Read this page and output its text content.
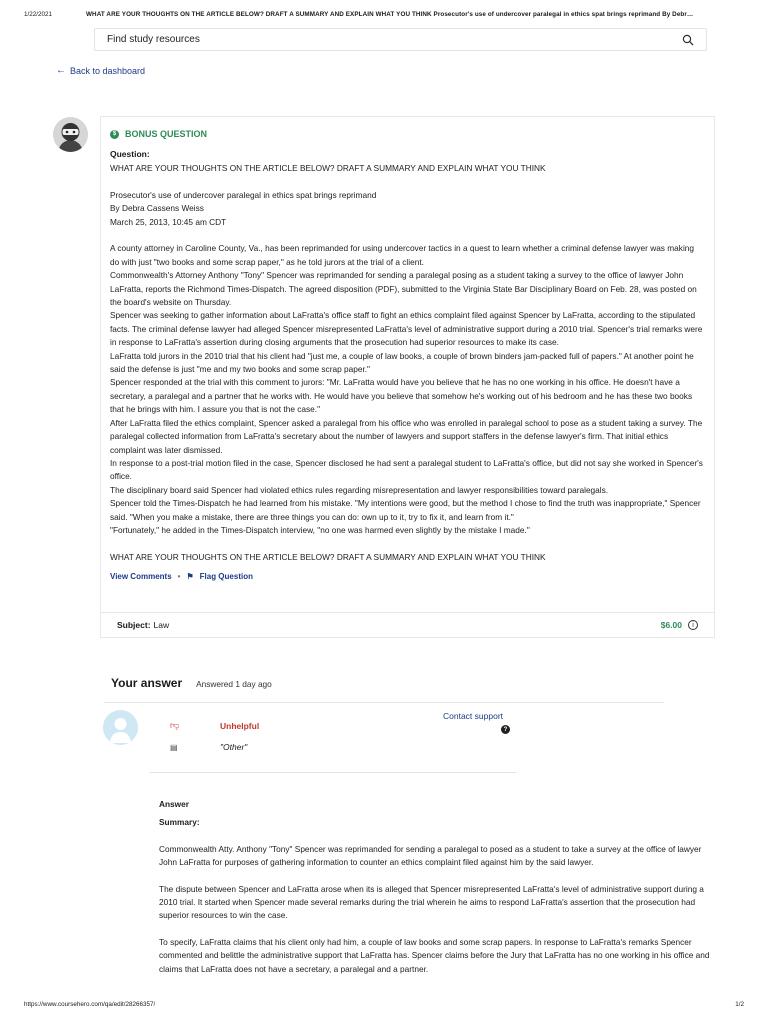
1/22/2021	WHAT ARE YOUR THOUGHTS ON THE ARTICLE BELOW? DRAFT A SUMMARY AND EXPLAIN WHAT YOU THINK Prosecutor's use of undercover paralegal in ethics spat brings reprimand By Debr…
Find study resources
← Back to dashboard
$ BONUS QUESTION
Question:

WHAT ARE YOUR THOUGHTS ON THE ARTICLE BELOW? DRAFT A SUMMARY AND EXPLAIN WHAT YOU THINK

Prosecutor's use of undercover paralegal in ethics spat brings reprimand

By Debra Cassens Weiss

March 25, 2013, 10:45 am CDT

A county attorney in Caroline County, Va., has been reprimanded for using undercover tactics in a quest to learn whether a criminal defense lawyer was making do with just "two books and some scrap paper," as he told jurors at the trial of a client.

Commonwealth's Attorney Anthony "Tony" Spencer was reprimanded for sending a paralegal posing as a student taking a survey to the office of lawyer John LaFratta, reports the Richmond Times-Dispatch. The agreed disposition (PDF), submitted to the Virginia State Bar Disciplinary Board on Feb. 28, was posted on the board's website on Thursday.

Spencer was seeking to gather information about LaFratta's office staff to fight an ethics complaint filed against Spencer by LaFratta, according to the stipulated facts. The criminal defense lawyer had alleged Spencer misrepresented LaFratta's level of administrative support during a 2010 trial. Spencer's trial remarks were in response to LaFratta's assertion during closing arguments that the prosecution had superior resources to make its case.

LaFratta told jurors in the 2010 trial that his client had "just me, a couple of law books, a couple of brown binders jam-packed full of papers." At another point he said the defense is just "me and my two books and some scrap paper."

Spencer responded at the trial with this comment to jurors: "Mr. LaFratta would have you believe that he has no one working in his office. He doesn't have a secretary, a paralegal and a partner that he works with. He would have you believe that somehow he's working out of his bedroom and he has these two books that he brings with him. I assure you that is not the case."

After LaFratta filed the ethics complaint, Spencer asked a paralegal from his office who was enrolled in paralegal school to pose as a student taking a survey. The paralegal collected information from LaFratta's secretary about the number of lawyers and support staffers in the defense lawyer's firm. That initial ethics complaint was later dismissed.

In response to a post-trial motion filed in the case, Spencer disclosed he had sent a paralegal student to LaFratta's office, but did not say she worked in Spencer's office.

The disciplinary board said Spencer had violated ethics rules regarding misrepresentation and lawyer responsibilities toward paralegals.

Spencer told the Times-Dispatch he had learned from his mistake. "My intentions were good, but the method I chose to find the truth was inappropriate," Spencer said. "When you make a mistake, there are three things you can do: own up to it, try to fix it, and learn from it."

"Fortunately," he added in the Times-Dispatch interview, "no one was harmed even slightly by the mistake I made."

WHAT ARE YOUR THOUGHTS ON THE ARTICLE BELOW? DRAFT A SUMMARY AND EXPLAIN WHAT YOU THINK

View Comments • ⚑ Flag Question
Subject: Law	$6.00	i
Your answer Answered 1 day ago
👎︎	Unhelpful
Contact support
?
▤	"Other"
Answer
Summary:

Commonwealth Atty. Anthony "Tony" Spencer was reprimanded for sending a paralegal to posed as a student to take a survey at the office of lawyer John LaFratta for purposes of gathering information to counter an ethics complaint filed against him by the said lawyer.

The dispute between Spencer and LaFratta arose when its is alleged that Spencer misrepresented LaFratta's level of administrative support during a 2010 trial. It started when Spencer made several remarks during the trial wherein he aims to respond LaFratta's assertion that the prosecution had superior resources to win the case.

To specify, LaFratta claims that his client only had him, a couple of law books and some scrap papers. In response to LaFratta's remarks Spencer commented and belittle the administrative support that LaFratta has. Spencer claims before the Jury that LaFratta has no one working in his office and claims that LaFratta does not have a secretary, a paralegal and a partner.

https://www.coursehero.com/qa/edit/28266357/	1/2
